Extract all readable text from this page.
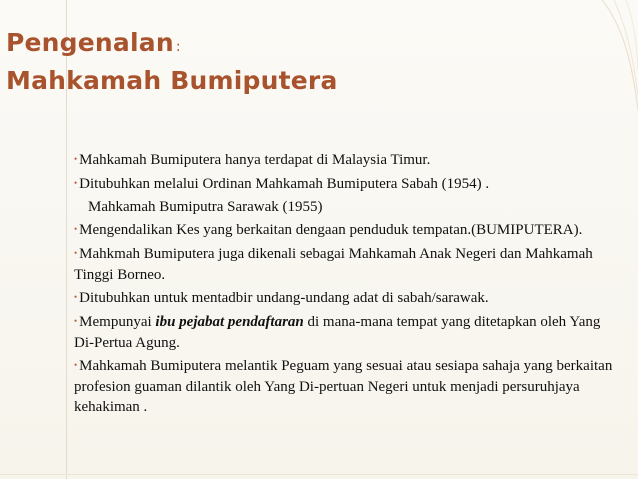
Pengenalan :
Mahkamah Bumiputera
• Mahkamah Bumiputera hanya terdapat di Malaysia Timur.
• Ditubuhkan melalui Ordinan Mahkamah Bumiputera Sabah (1954) .
Mahkamah Bumiputra Sarawak (1955)
• Mengendalikan Kes yang berkaitan dengaan penduduk tempatan.(BUMIPUTERA).
• Mahkmah Bumiputera juga dikenali sebagai Mahkamah Anak Negeri dan Mahkamah Tinggi Borneo.
• Ditubuhkan untuk mentadbir undang-undang adat di sabah/sarawak.
• Mempunyai ibu pejabat pendaftaran di mana-mana tempat yang ditetapkan oleh Yang Di-Pertua Agung.
• Mahkamah Bumiputera melantik Peguam yang sesuai atau sesiapa sahaja yang berkaitan profesion guaman dilantik oleh Yang Di-pertuan Negeri untuk menjadi persuruhjaya kehakiman .
